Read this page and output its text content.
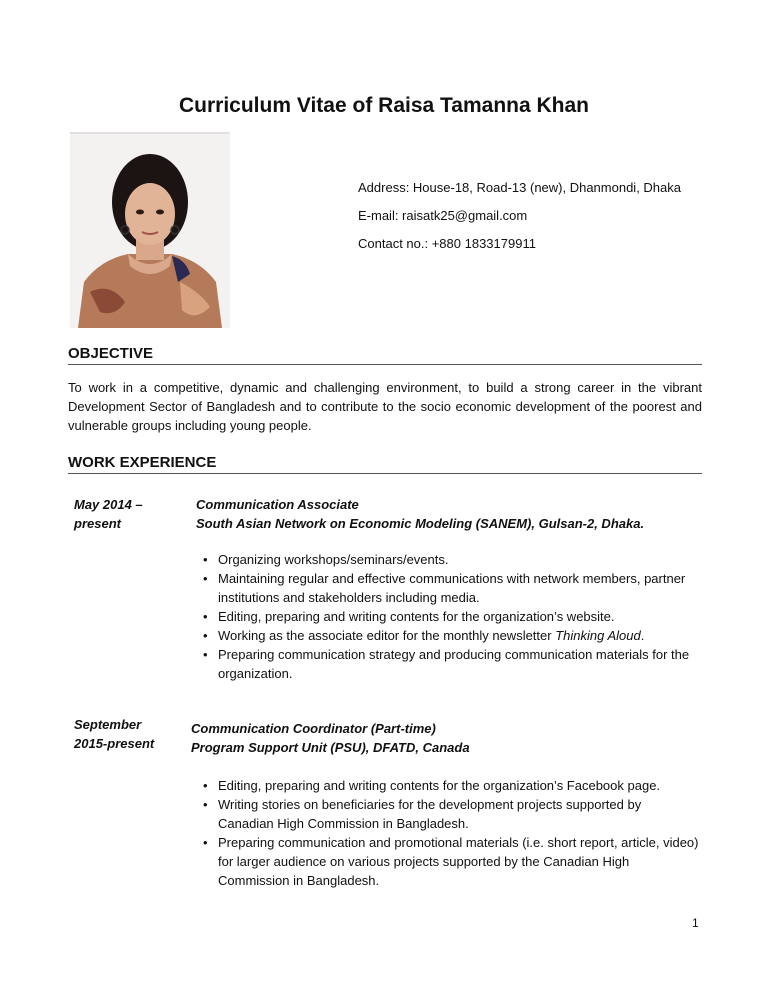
Curriculum Vitae of Raisa Tamanna Khan
Address: House-18, Road-13 (new), Dhanmondi, Dhaka
E-mail: raisatk25@gmail.com
Contact no.: +880 1833179911
OBJECTIVE
To work in a competitive, dynamic and challenging environment, to build a strong career in the vibrant Development Sector of Bangladesh and to contribute to the socio economic development of the poorest and vulnerable groups including young people.
WORK EXPERIENCE
May 2014 –
present
Communication Associate
South Asian Network on Economic Modeling (SANEM), Gulsan-2, Dhaka.
• Organizing workshops/seminars/events.
• Maintaining regular and effective communications with network members, partner institutions and stakeholders including media.
• Editing, preparing and writing contents for the organization’s website.
• Working as the associate editor for the monthly newsletter Thinking Aloud.
• Preparing communication strategy and producing communication materials for the organization.
September
2015-present
Communication Coordinator (Part-time)
Program Support Unit (PSU), DFATD, Canada
• Editing, preparing and writing contents for the organization’s Facebook page.
• Writing stories on beneficiaries for the development projects supported by Canadian High Commission in Bangladesh.
• Preparing communication and promotional materials (i.e. short report, article, video) for larger audience on various projects supported by the Canadian High Commission in Bangladesh.
1
